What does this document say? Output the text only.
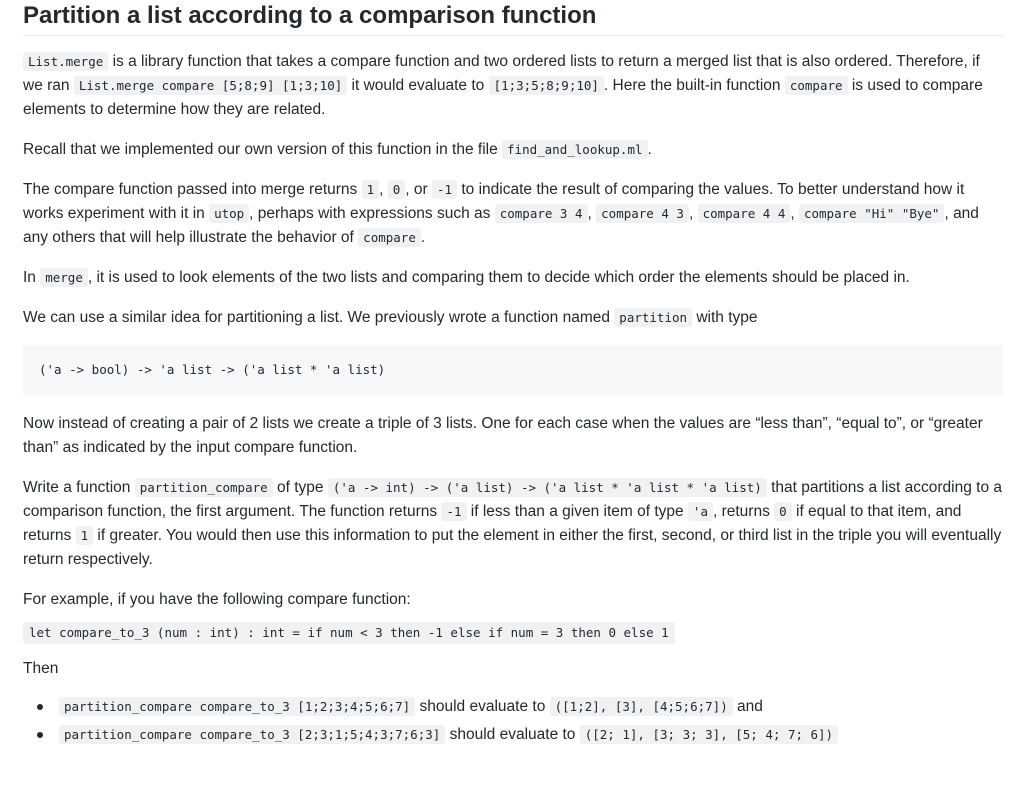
Partition a list according to a comparison function

List.merge is a library function that takes a compare function and two ordered lists to return a merged list that is also ordered. Therefore, if we ran List.merge compare [5;8;9] [1;3;10] it would evaluate to [1;3;5;8;9;10] . Here the built-in function compare is used to compare elements to determine how they are related.

Recall that we implemented our own version of this function in the file find_and_lookup.ml .

The compare function passed into merge returns 1 , 0 , or -1 to indicate the result of comparing the values. To better understand how it works experiment with it in utop , perhaps with expressions such as compare 3 4 , compare 4 3 , compare 4 4 , compare "Hi" "Bye" , and any others that will help illustrate the behavior of compare .

In merge , it is used to look elements of the two lists and comparing them to decide which order the elements should be placed in.

We can use a similar idea for partitioning a list. We previously wrote a function named partition with type

('a -> bool) -> 'a list -> ('a list * 'a list)

Now instead of creating a pair of 2 lists we create a triple of 3 lists. One for each case when the values are “less than”, “equal to”, or “greater than” as indicated by the input compare function.

Write a function partition_compare of type ('a -> int) -> ('a list) -> ('a list * 'a list * 'a list) that partitions a list according to a comparison function, the first argument. The function returns -1 if less than a given item of type 'a , returns 0 if equal to that item, and returns 1 if greater. You would then use this information to put the element in either the first, second, or third list in the triple you will eventually return respectively.

For example, if you have the following compare function:

let compare_to_3 (num : int) : int = if num < 3 then -1 else if num = 3 then 0 else 1

Then

partition_compare compare_to_3 [1;2;3;4;5;6;7] should evaluate to ([1;2], [3], [4;5;6;7]) and
partition_compare compare_to_3 [2;3;1;5;4;3;7;6;3] should evaluate to ([2; 1], [3; 3; 3], [5; 4; 7; 6])
